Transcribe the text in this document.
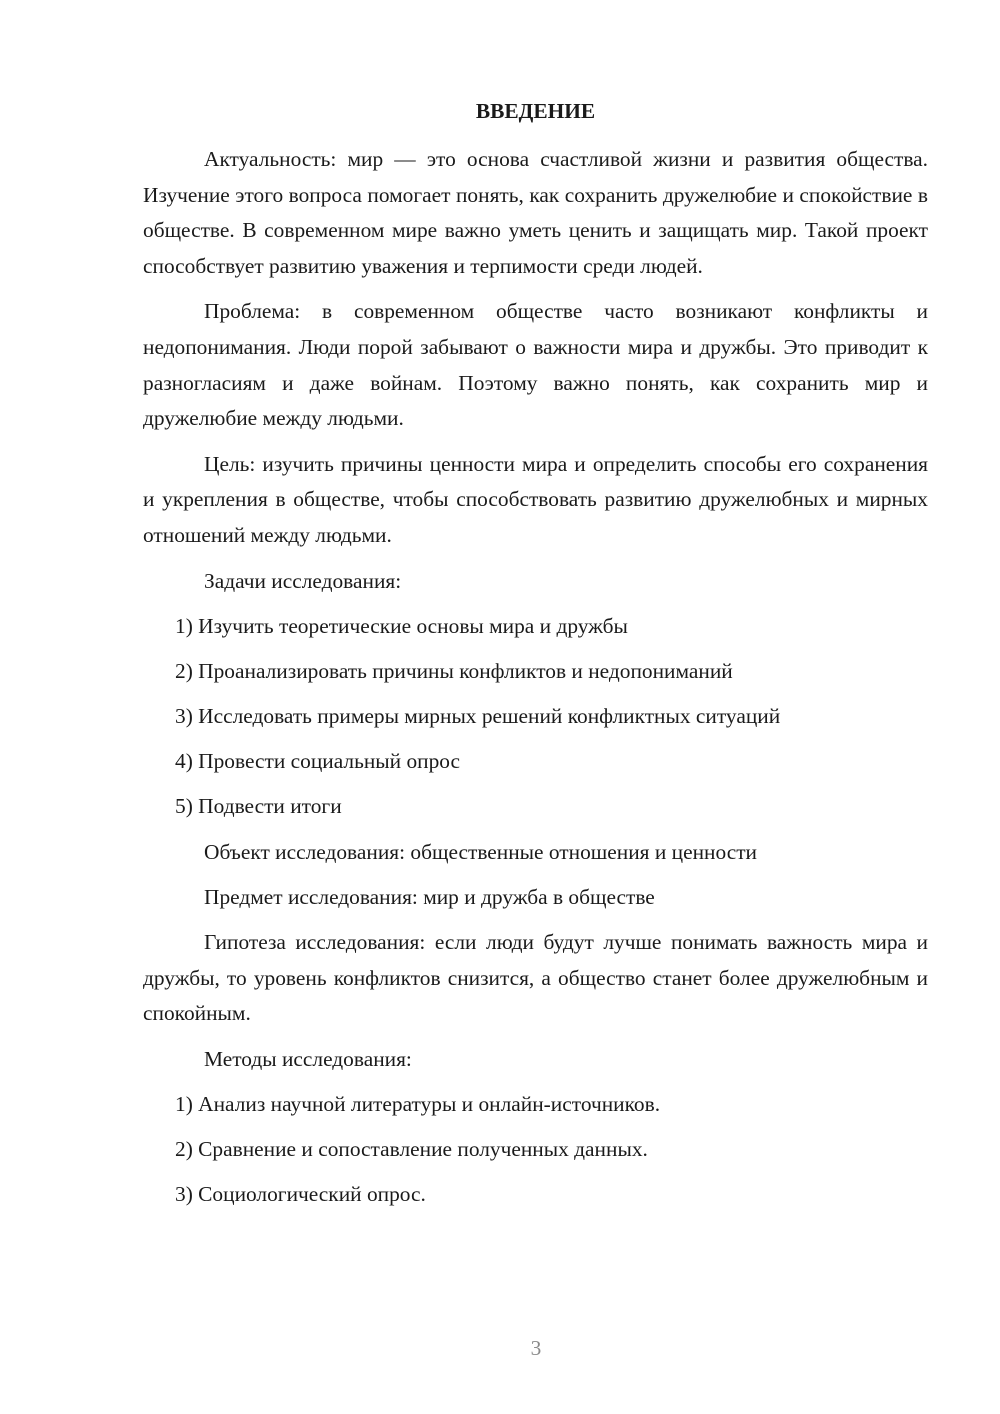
ВВЕДЕНИЕ

Актуальность: мир — это основа счастливой жизни и развития общества. Изучение этого вопроса помогает понять, как сохранить дружелюбие и спокойствие в обществе. В современном мире важно уметь ценить и защищать мир. Такой проект способствует развитию уважения и терпимости среди людей.

Проблема: в современном обществе часто возникают конфликты и недопонимания. Люди порой забывают о важности мира и дружбы. Это приводит к разногласиям и даже войнам. Поэтому важно понять, как сохранить мир и дружелюбие между людьми.

Цель: изучить причины ценности мира и определить способы его сохранения и укрепления в обществе, чтобы способствовать развитию дружелюбных и мирных отношений между людьми.

Задачи исследования:
1) Изучить теоретические основы мира и дружбы
2) Проанализировать причины конфликтов и недопониманий
3) Исследовать примеры мирных решений конфликтных ситуаций
4) Провести социальный опрос
5) Подвести итоги
Объект исследования: общественные отношения и ценности
Предмет исследования: мир и дружба в обществе

Гипотеза исследования: если люди будут лучше понимать важность мира и дружбы, то уровень конфликтов снизится, а общество станет более дружелюбным и спокойным.

Методы исследования:
1) Анализ научной литературы и онлайн-источников.
2) Сравнение и сопоставление полученных данных.
3) Социологический опрос.
3
